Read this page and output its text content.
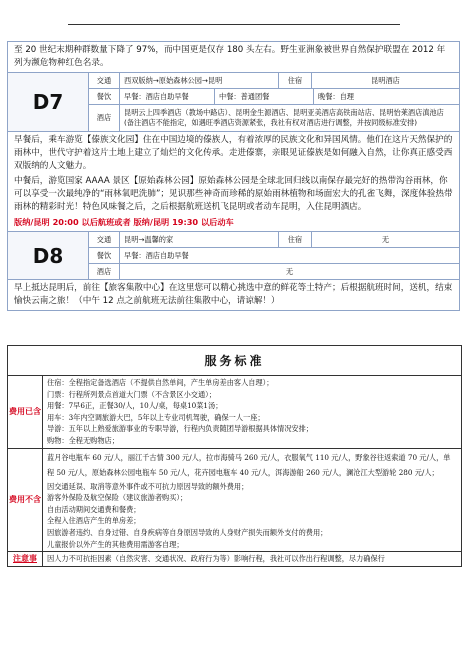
至 20 世纪末期种群数量下降了 97%，而中国更是仅存 180 头左右。野生亚洲象被世界自然保护联盟在 2012 年列为濒危物种红色名录。
D7
交通	西双版纳→原始森林公园→昆明	住宿	昆明酒店
餐饮	早餐：酒店自助早餐	中餐：普通团餐	晚餐：自理
酒店
昆明云上四季酒店（教场中路店）、昆明金生源酒店、昆明亚美酒店高铁南站店、昆明怡莱酒店滇池店 (备注酒店不能指定，如遇旺季酒店资源紧张，我社有权对酒店进行调整，并按同级标准安排)
早餐后，乘车游览【傣族文化园】住在中国边境的傣族人，有着浓厚的民族文化和异国风情。他们在这片天然保护的雨林中，世代守护着这片土地上建立了灿烂的文化传承。走进傣寨，亲眼见证傣族是如何融入自然，让你真正感受西双版纳的人文魅力。
中餐后，游览国家 AAAA 景区【原始森林公园】原始森林公园是全球北回归线以南保存最完好的热带沟谷雨林，你可以享受一次最纯净的“雨林氧吧洗肺”；见识那些神奇而珍稀的原始雨林植物和场面宏大的孔雀飞舞，深度体验热带雨林的精彩时光！特色风味餐之后，之后根据航班送机飞昆明或者动车昆明，入住昆明酒店。
版纳/昆明 20:00 以后航班或者 版纳/昆明 19:30 以后动车
D8
交通	昆明→温馨的家	住宿	无
餐饮	早餐：酒店自助早餐
酒店	无
早上抵达昆明后，前往【旅客集散中心】在这里您可以精心挑选中意的鲜花等土特产；后根据航班时间，送机，结束愉快云南之旅！（中午 12 点之前航班无法前往集散中心，请谅解！）
服务标准
费用已含
住宿：全程指定备选酒店（不提供自然单间，产生单房差由客人自理）；
门票：行程所列景点首道大门票（不含景区小交通）；
用餐：7早6正，正餐30/人，10人/桌，每桌10菜1汤；
用车：3年内空调旅游大巴，5年以上专业司机驾驶，确保一人一座；
导游：五年以上熟爱旅游事业的专职导游，行程内负责随团导游根据具体情况安排；
购物：全程无购物店；
费用不含
蓝月谷电瓶车 60 元/人，丽江千古情 300 元/人，拉市海骑马 260 元/人，衣服氧气 110 元/人，野象谷往返索道 70 元/人，单程 50 元/人，原始森林公园电瓶车 50 元/人，花卉园电瓶车 40 元/人，洱海游船 260 元/人，澜沧江大型游轮 280 元/人；
因交通延误、取消等意外事件或不可抗力原因导致的额外费用；
游客外保险及航空保险（建议旅游者购买）；
自由活动期间交通费和餐费；
全程入住酒店产生的单房差；
因旅游者违约、自身过错、自身疾病等自身原因导致的人身财产损失而额外支付的费用；
儿童报价以外产生的其他费用需游客自理；
注意事	因人力不可抗拒因素（自然灾害、交通状况、政府行为等）影响行程，我社可以作出行程调整，尽力确保行
